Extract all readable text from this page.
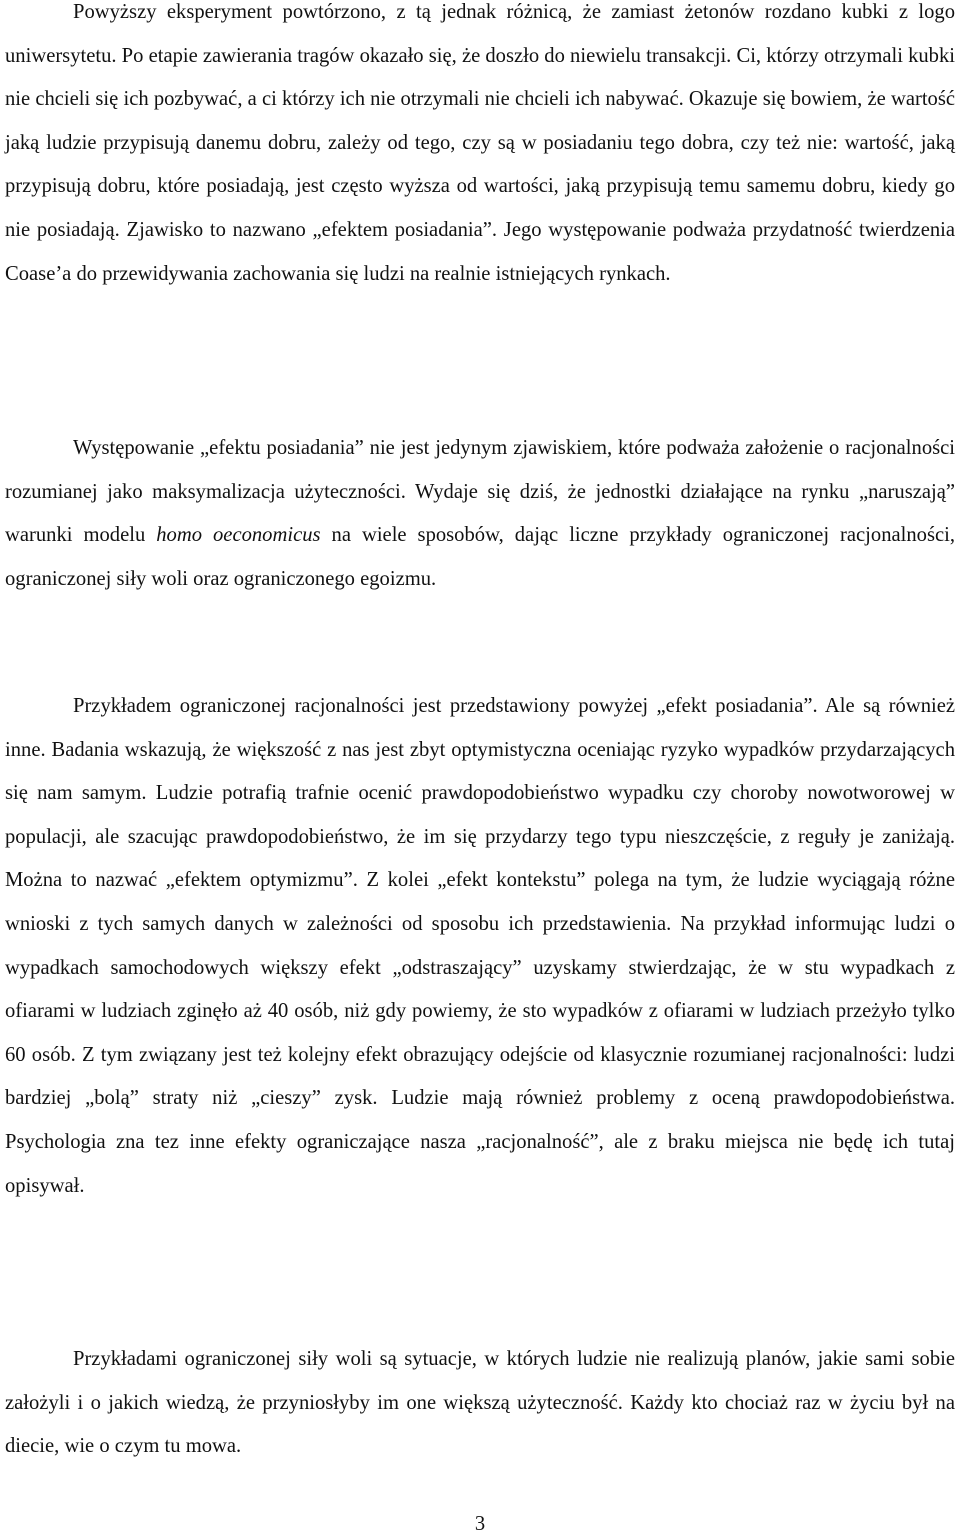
Powyższy eksperyment powtórzono, z tą jednak różnicą, że zamiast żetonów rozdano kubki z logo uniwersytetu. Po etapie zawierania tragów okazało się, że doszło do niewielu transakcji. Ci, którzy otrzymali kubki nie chcieli się ich pozbywać, a ci którzy ich nie otrzymali nie chcieli ich nabywać. Okazuje się bowiem, że wartość jaką ludzie przypisują danemu dobru, zależy od tego, czy są w posiadaniu tego dobra, czy też nie: wartość, jaką przypisują dobru, które posiadają, jest często wyższa od wartości, jaką przypisują temu samemu dobru, kiedy go nie posiadają. Zjawisko to nazwano „efektem posiadania”. Jego występowanie podważa przydatność twierdzenia Coase’a do przewidywania zachowania się ludzi na realnie istniejących rynkach.

Występowanie „efektu posiadania” nie jest jedynym zjawiskiem, które podważa założenie o racjonalności rozumianej jako maksymalizacja użyteczności. Wydaje się dziś, że jednostki działające na rynku „naruszają” warunki modelu homo oeconomicus na wiele sposobów, dając liczne przykłady ograniczonej racjonalności, ograniczonej siły woli oraz ograniczonego egoizmu.

Przykładem ograniczonej racjonalności jest przedstawiony powyżej „efekt posiadania”. Ale są również inne. Badania wskazują, że większość z nas jest zbyt optymistyczna oceniając ryzyko wypadków przydarzających się nam samym. Ludzie potrafią trafnie ocenić prawdopodobieństwo wypadku czy choroby nowotworowej w populacji, ale szacując prawdopodobieństwo, że im się przydarzy tego typu nieszczęście, z reguły je zaniżają. Można to nazwać „efektem optymizmu”. Z kolei „efekt kontekstu” polega na tym, że ludzie wyciągają różne wnioski z tych samych danych w zależności od sposobu ich przedstawienia. Na przykład informując ludzi o wypadkach samochodowych większy efekt „odstraszający” uzyskamy stwierdzając, że w stu wypadkach z ofiarami w ludziach zginęło aż 40 osób, niż gdy powiemy, że sto wypadków z ofiarami w ludziach przeżyło tylko 60 osób. Z tym związany jest też kolejny efekt obrazujący odejście od klasycznie rozumianej racjonalności: ludzi bardziej „bolą” straty niż „cieszy” zysk. Ludzie mają również problemy z oceną prawdopodobieństwa. Psychologia zna tez inne efekty ograniczające nasza „racjonalność”, ale z braku miejsca nie będę ich tutaj opisywał.

Przykładami ograniczonej siły woli są sytuacje, w których ludzie nie realizują planów, jakie sami sobie założyli i o jakich wiedzą, że przyniosłyby im one większą użyteczność. Każdy kto chociaż raz w życiu był na diecie, wie o czym tu mowa.

3
